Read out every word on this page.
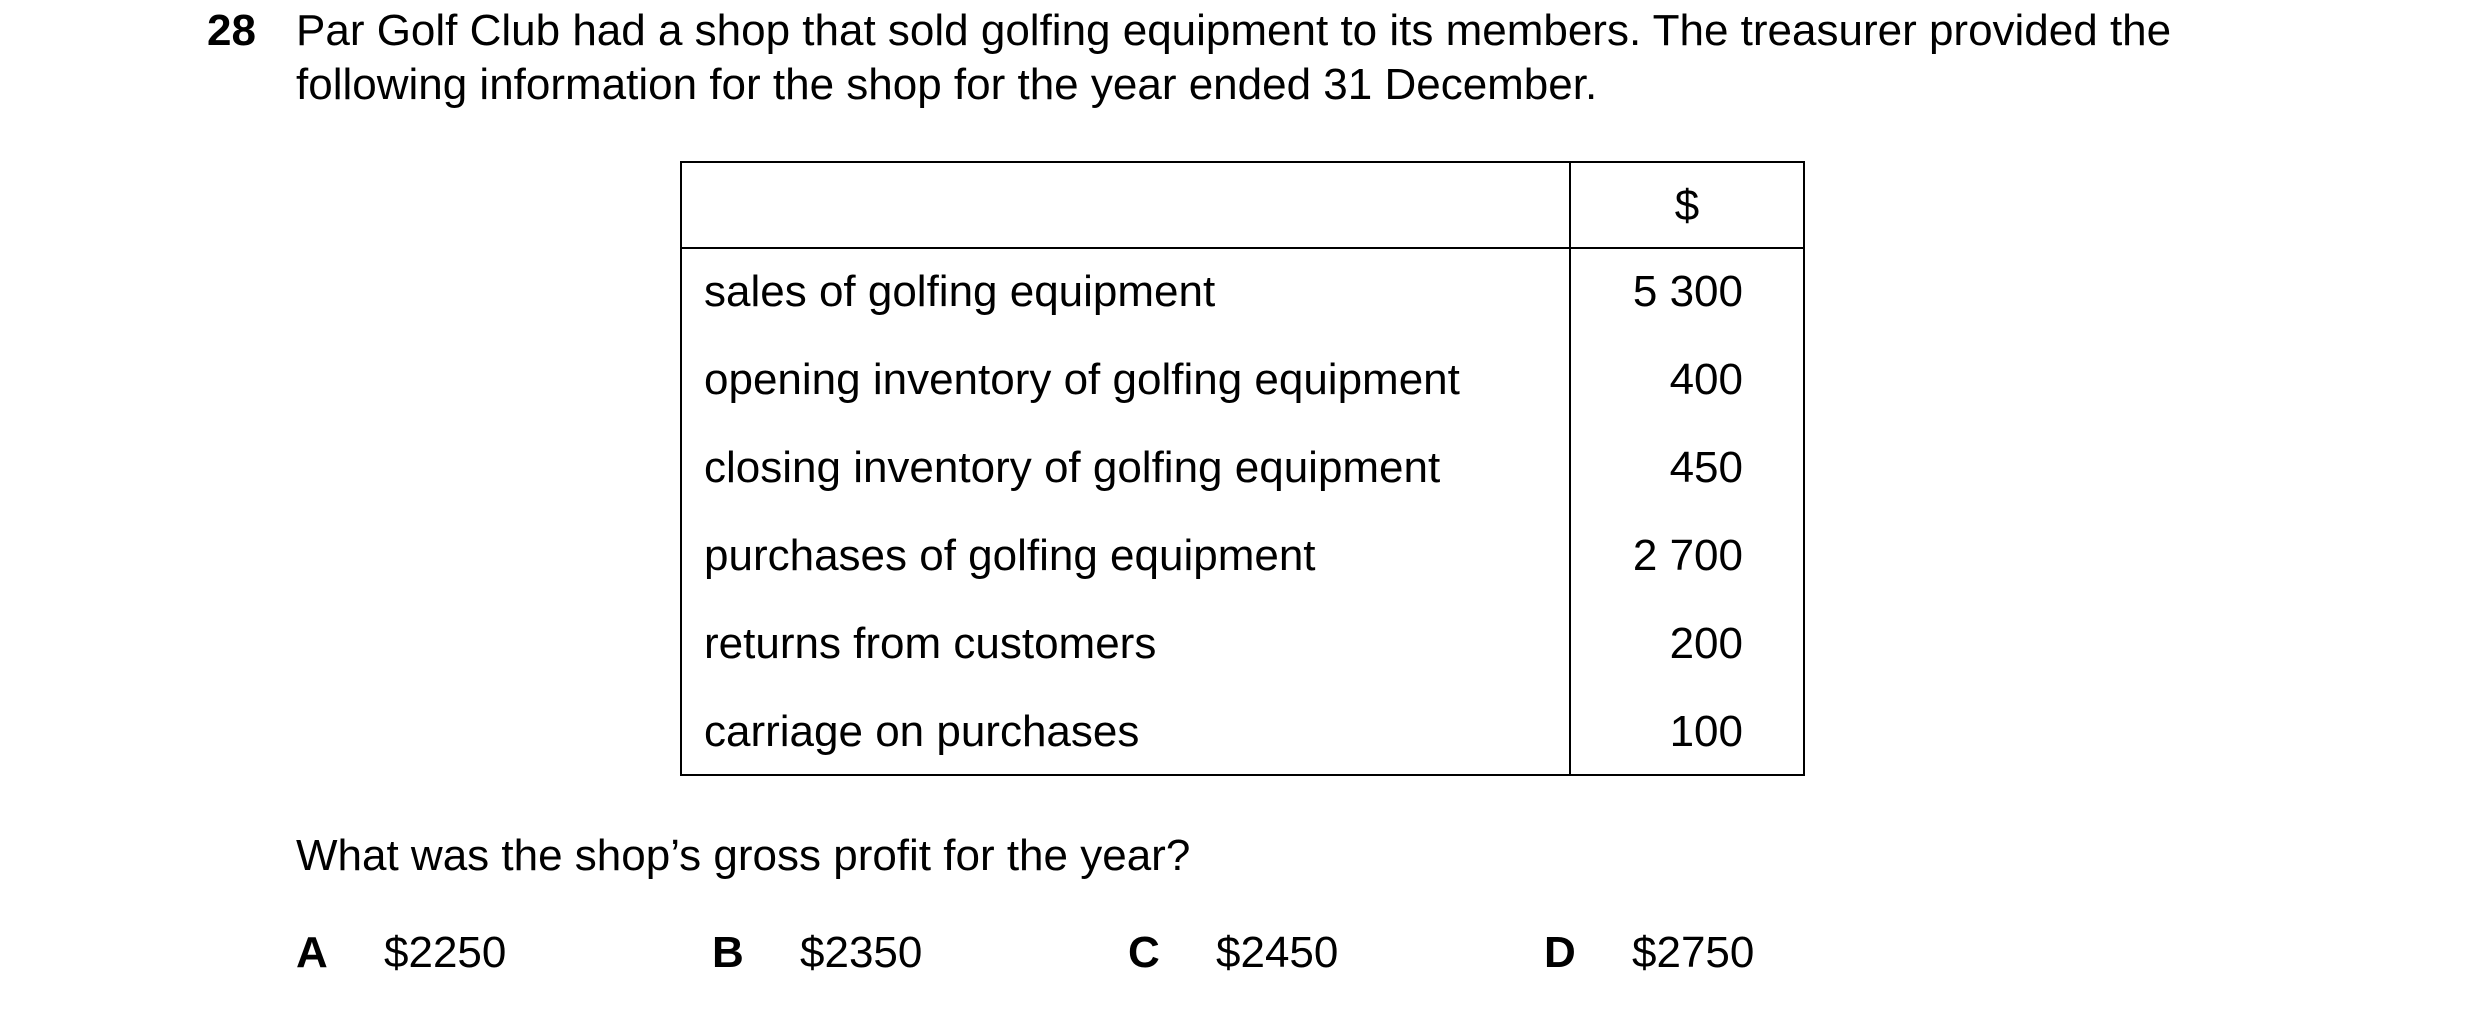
28 Par Golf Club had a shop that sold golfing equipment to its members. The treasurer provided the
following information for the shop for the year ended 31 December.
$
sales of golfing equipment	5 300
opening inventory of golfing equipment	400
closing inventory of golfing equipment	450
purchases of golfing equipment	2 700
returns from customers	200
carriage on purchases	100
What was the shop’s gross profit for the year?
A $2250	B $2350	C $2450	D $2750
